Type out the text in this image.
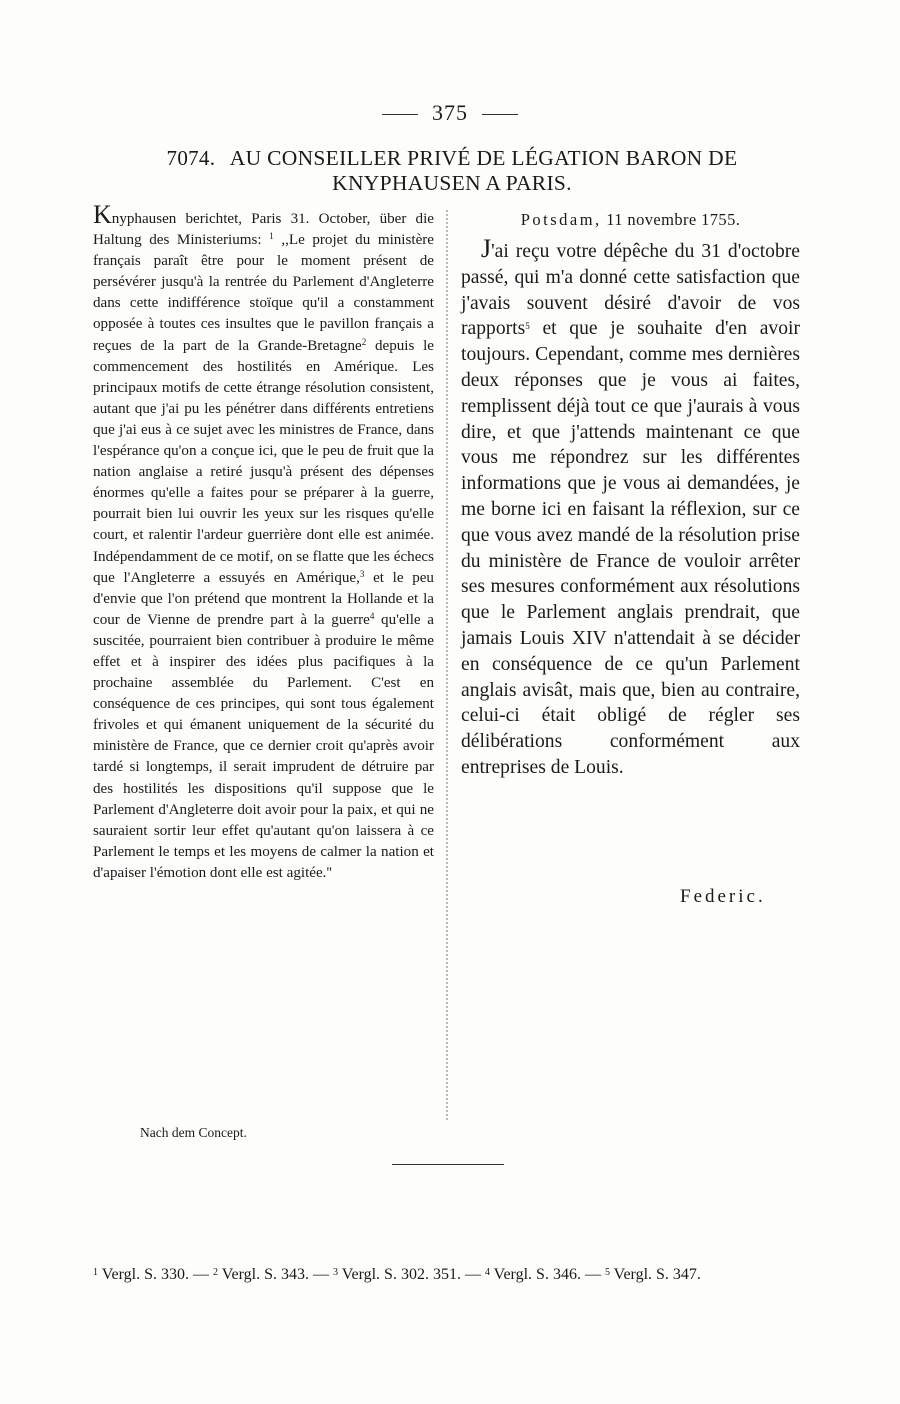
375
7074. AU CONSEILLER PRIVÉ DE LÉGATION BARON DE
KNYPHAUSEN A PARIS.

Knyphausen berichtet, Paris 31. October, über die Haltung des Ministeriums: $^1$ ,,Le projet du ministère français paraît être pour le moment présent de persévérer jusqu'à la rentrée du Parlement d'Angleterre dans cette indifférence stoïque qu'il a constamment opposée à toutes ces insultes que le pavillon français a reçues de la part de la Grande-Bretagne$^2$ depuis le commencement des hostilités en Amérique. Les principaux motifs de cette étrange résolution consistent, autant que j'ai pu les pénétrer dans différents entretiens que j'ai eus à ce sujet avec les ministres de France, dans l'espérance qu'on a conçue ici, que le peu de fruit que la nation anglaise a retiré jusqu'à présent des dépenses énormes qu'elle a faites pour se préparer à la guerre, pourrait bien lui ouvrir les yeux sur les risques qu'elle court, et ralentir l'ardeur guerrière dont elle est animée. Indépendamment de ce motif, on se flatte que les échecs que l'Angleterre a essuyés en Amérique,$^3$ et le peu d'envie que l'on prétend que montrent la Hollande et la cour de Vienne de prendre part à la guerre$^4$ qu'elle a suscitée, pourraient bien contribuer à produire le même effet et à inspirer des idées plus pacifiques à la prochaine assemblée du Parlement. C'est en conséquence de ces principes, qui sont tous également frivoles et qui émanent uniquement de la sécurité du ministère de France, que ce dernier croit qu'après avoir tardé si longtemps, il serait imprudent de détruire par des hostilités les dispositions qu'il suppose que le Parlement d'Angleterre doit avoir pour la paix, et qui ne sauraient sortir leur effet qu'autant qu'on laissera à ce Parlement le temps et les moyens de calmer la nation et d'apaiser l'émotion dont elle est agitée.''

Nach dem Concept.
Potsdam, 11 novembre 1755.

J'ai reçu votre dépêche du 31 d'octobre passé, qui m'a donné cette satisfaction que j'avais souvent désiré d'avoir de vos rapports$^5$ et que je souhaite d'en avoir toujours. Cependant, comme mes dernières deux réponses que je vous ai faites, remplissent déjà tout ce que j'aurais à vous dire, et que j'attends maintenant ce que vous me répondrez sur les différentes informations que je vous ai demandées, je me borne ici en faisant la réflexion, sur ce que vous avez mandé de la résolution prise du ministère de France de vouloir arrêter ses mesures conformément aux résolutions que le Parlement anglais prendrait, que jamais Louis XIV n'attendait à se décider en conséquence de ce qu'un Parlement anglais avisât, mais que, bien au contraire, celui-ci était obligé de régler ses délibérations conformément aux entreprises de Louis.

Federic.
$^1$ Vergl. S. 330. — $^2$ Vergl. S. 343. — $^3$ Vergl. S. 302. 351. — $^4$ Vergl. S. 346. — $^5$ Vergl. S. 347.
